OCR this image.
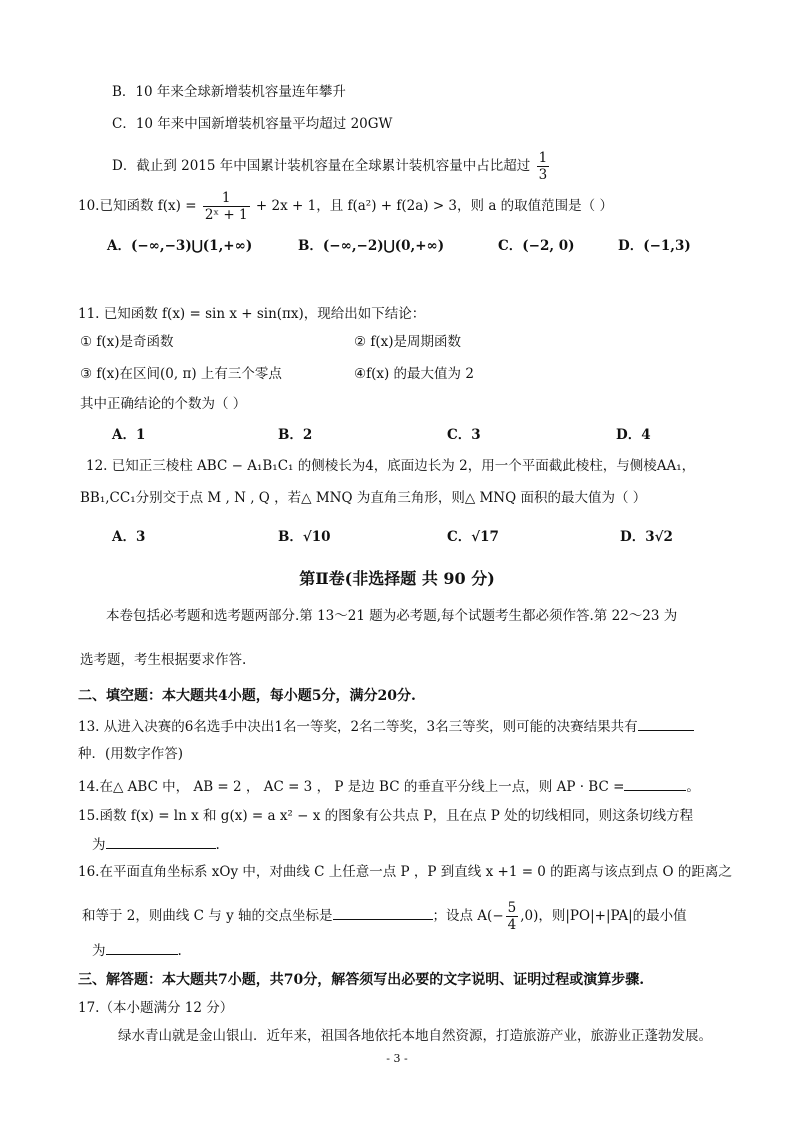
B．10 年来全球新增装机容量连年攀升
C．10 年来中国新增装机容量平均超过 20GW
D．截止到 2015 年中国累计装机容量在全球累计装机容量中占比超过 $\frac{1}{3}$
10.已知函数 $f(x) = \frac{1}{\text{2ˣ + 1}} + 2x + 1$，且 f(a²) + f(2a) > 3，则 a 的取值范围是（ ）
A．(−∞,−3)⋃(1,+∞)	B．(−∞,−2)⋃(0,+∞)	C．(−2, 0)	D．(−1,3)
11. 已知函数 f(x) = sin x + sin(πx)，现给出如下结论：
① f(x)是奇函数	② f(x)是周期函数
③ f(x)在区间(0, π) 上有三个零点	④f(x) 的最大值为 2
其中正确结论的个数为（ ）
A．1	B．2	C．3	D．4
12. 已知正三棱柱 ABC − A₁B₁C₁ 的侧棱长为4，底面边长为 2，用一个平面截此棱柱，与侧棱AA₁，
BB₁,CC₁分别交于点 M , N , Q ，若△ MNQ 为直角三角形，则△ MNQ 面积的最大值为（ ）
A．3	B．√10	C．√17	D．3√2
第Ⅱ卷(非选择题 共 90 分)
本卷包括必考题和选考题两部分.第 13～21 题为必考题,每个试题考生都必须作答.第 22～23 为
选考题，考生根据要求作答.
二、填空题：本大题共4小题，每小题5分，满分20分.
13. 从进入决赛的6名选手中决出1名一等奖，2名二等奖，3名三等奖，则可能的决赛结果共有
种．(用数字作答)
14.在△ ABC 中， AB = 2 ， AC = 3 ， P 是边 BC 的垂直平分线上一点，则 AP · BC =	。
15.函数 f(x) = ln x 和 g(x) = a x² − x 的图象有公共点 P，且在点 P 处的切线相同，则这条切线方程
为	.
16.在平面直角坐标系 xOy 中，对曲线 C 上任意一点 P ，P 到直线 x +1 = 0 的距离与该点到点 O 的距离之
和等于 2，则曲线 C 与 y 轴的交点坐标是	；设点 $A(- \frac{5}{4} ,0)$，则|PO|+|PA|的最小值
为	.
三、解答题：本大题共7小题，共70分，解答须写出必要的文字说明、证明过程或演算步骤.
17.（本小题满分 12 分）
绿水青山就是金山银山．近年来，祖国各地依托本地自然资源，打造旅游产业，旅游业正蓬勃发展。
- 3 -
